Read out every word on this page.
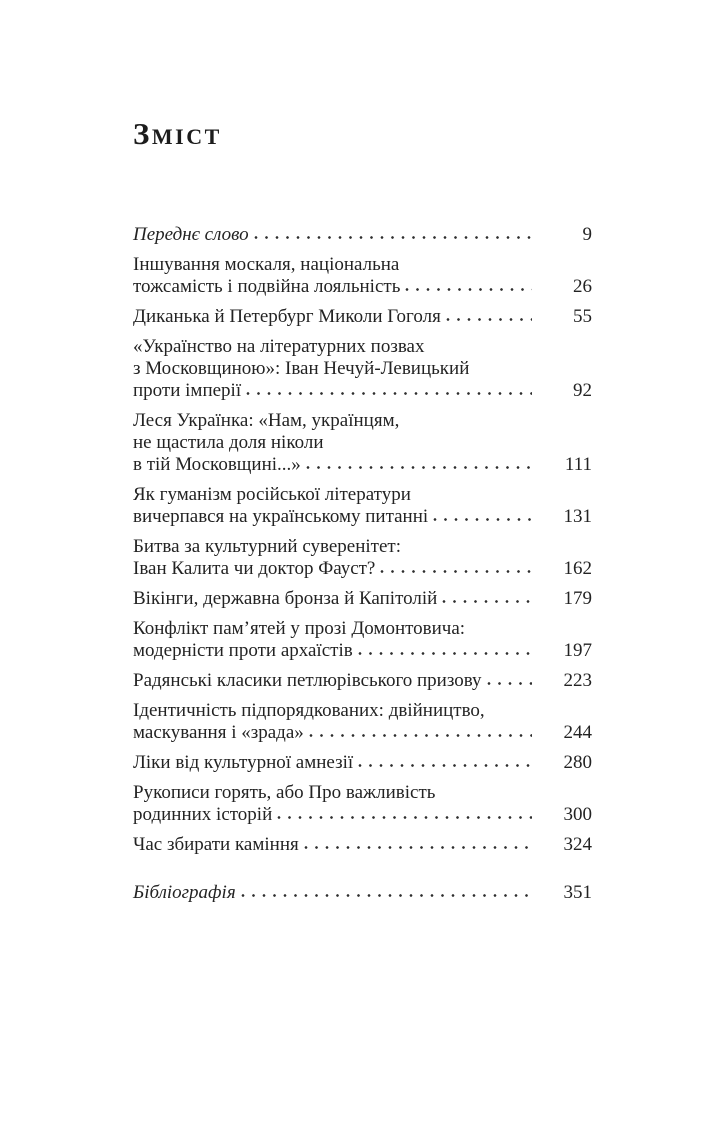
Зміст
Переднє слово	9
Іншування москаля, національна
тожсамість і подвійна лояльність	26
Диканька й Петербург Миколи Гоголя	55
«Українство на літературних позвах
з Московщиною»: Іван Нечуй-Левицький
проти імперії	92
Леся Українка: «Нам, українцям,
не щастила доля ніколи
в тій Московщині...»	111
Як гуманізм російської літератури
вичерпався на українському питанні	131
Битва за культурний суверенітет:
Іван Калита чи доктор Фауст?	162
Вікінги, державна бронза й Капітолій	179
Конфлікт пам’ятей у прозі Домонтовича:
модерністи проти архаїстів	197
Радянські класики петлюрівського призову	223
Ідентичність підпорядкованих: двійництво,
маскування і «зрада»	244
Ліки від культурної амнезії	280
Рукописи горять, або Про важливість
родинних історій	300
Час збирати каміння	324
Бібліографія	351
